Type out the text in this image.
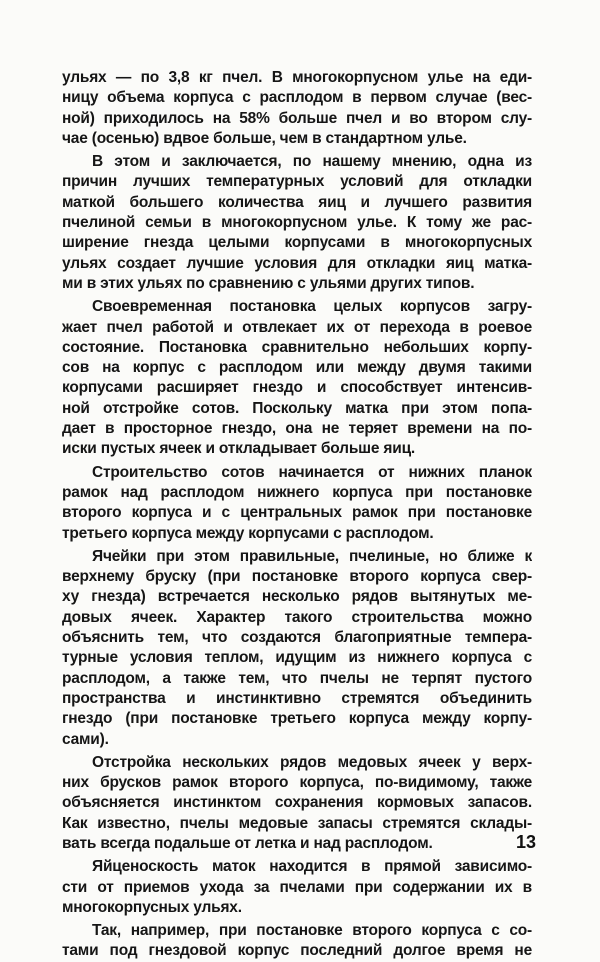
ульях — по 3,8 кг пчел. В многокорпусном улье на еди-
ницу объема корпуса с расплодом в первом случае (вес-
ной) приходилось на 58% больше пчел и во втором слу-
чае (осенью) вдвое больше, чем в стандартном улье.
В этом и заключается, по нашему мнению, одна из
причин лучших температурных условий для откладки
маткой большего количества яиц и лучшего развития
пчелиной семьи в многокорпусном улье. К тому же рас-
ширение гнезда целыми корпусами в многокорпусных
ульях создает лучшие условия для откладки яиц матка-
ми в этих ульях по сравнению с ульями других типов.
Своевременная постановка целых корпусов загру-
жает пчел работой и отвлекает их от перехода в роевое
состояние. Постановка сравнительно небольших корпу-
сов на корпус с расплодом или между двумя такими
корпусами расширяет гнездо и способствует интенсив-
ной отстройке сотов. Поскольку матка при этом попа-
дает в просторное гнездо, она не теряет времени на по-
иски пустых ячеек и откладывает больше яиц.
Строительство сотов начинается от нижних планок
рамок над расплодом нижнего корпуса при постановке
второго корпуса и с центральных рамок при постановке
третьего корпуса между корпусами с расплодом.
Ячейки при этом правильные, пчелиные, но ближе к
верхнему бруску (при постановке второго корпуса свер-
ху гнезда) встречается несколько рядов вытянутых ме-
довых ячеек. Характер такого строительства можно
объяснить тем, что создаются благоприятные темпера-
турные условия теплом, идущим из нижнего корпуса с
расплодом, а также тем, что пчелы не терпят пустого
пространства и инстинктивно стремятся объединить
гнездо (при постановке третьего корпуса между корпу-
сами).
Отстройка нескольких рядов медовых ячеек у верх-
них брусков рамок второго корпуса, по-видимому, также
объясняется инстинктом сохранения кормовых запасов.
Как известно, пчелы медовые запасы стремятся склады-
вать всегда подальше от летка и над расплодом.
Яйценоскость маток находится в прямой зависимо-
сти от приемов ухода за пчелами при содержании их в
многокорпусных ульях.
Так, например, при постановке второго корпуса с со-
тами под гнездовой корпус последний долгое время не
13
